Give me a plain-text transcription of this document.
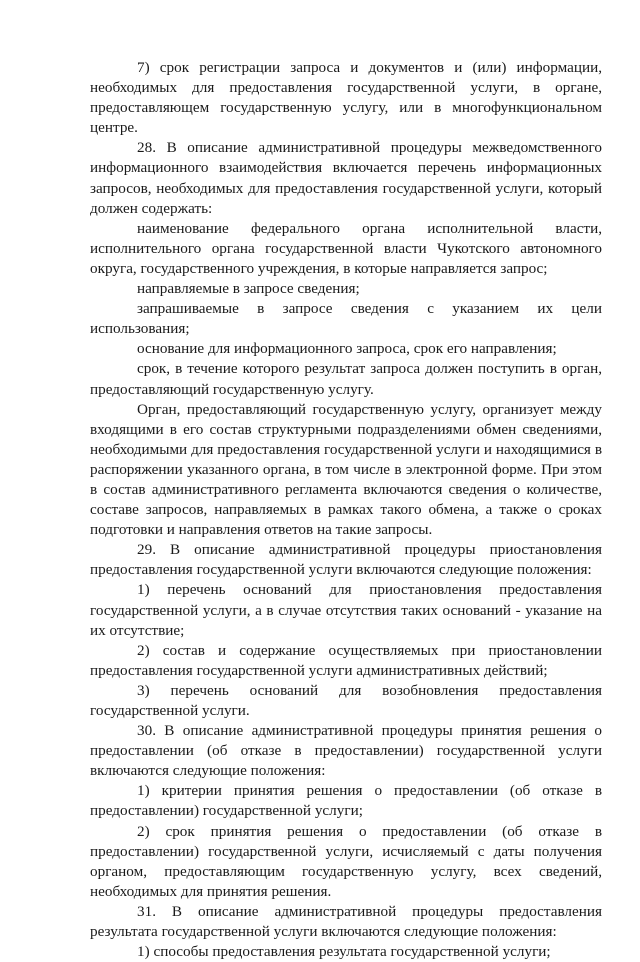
7) срок регистрации запроса и документов и (или) информации, необходимых для предоставления государственной услуги, в органе, предоставляющем государственную услугу, или в многофункциональном центре.

28. В описание административной процедуры межведомственного информационного взаимодействия включается перечень информационных запросов, необходимых для предоставления государственной услуги, который должен содержать:

наименование федерального органа исполнительной власти, исполнительного органа государственной власти Чукотского автономного округа, государственного учреждения, в которые направляется запрос;

направляемые в запросе сведения;

запрашиваемые в запросе сведения с указанием их цели использования;

основание для информационного запроса, срок его направления;

срок, в течение которого результат запроса должен поступить в орган, предоставляющий государственную услугу.

Орган, предоставляющий государственную услугу, организует между входящими в его состав структурными подразделениями обмен сведениями, необходимыми для предоставления государственной услуги и находящимися в распоряжении указанного органа, в том числе в электронной форме. При этом в состав административного регламента включаются сведения о количестве, составе запросов, направляемых в рамках такого обмена, а также о сроках подготовки и направления ответов на такие запросы.

29. В описание административной процедуры приостановления предоставления государственной услуги включаются следующие положения:

1) перечень оснований для приостановления предоставления государственной услуги, а в случае отсутствия таких оснований - указание на их отсутствие;

2) состав и содержание осуществляемых при приостановлении предоставления государственной услуги административных действий;

3) перечень оснований для возобновления предоставления государственной услуги.

30. В описание административной процедуры принятия решения о предоставлении (об отказе в предоставлении) государственной услуги включаются следующие положения:

1) критерии принятия решения о предоставлении (об отказе в предоставлении) государственной услуги;

2) срок принятия решения о предоставлении (об отказе в предоставлении) государственной услуги, исчисляемый с даты получения органом, предоставляющим государственную услугу, всех сведений, необходимых для принятия решения.

31. В описание административной процедуры предоставления результата государственной услуги включаются следующие положения:

1) способы предоставления результата государственной услуги;
